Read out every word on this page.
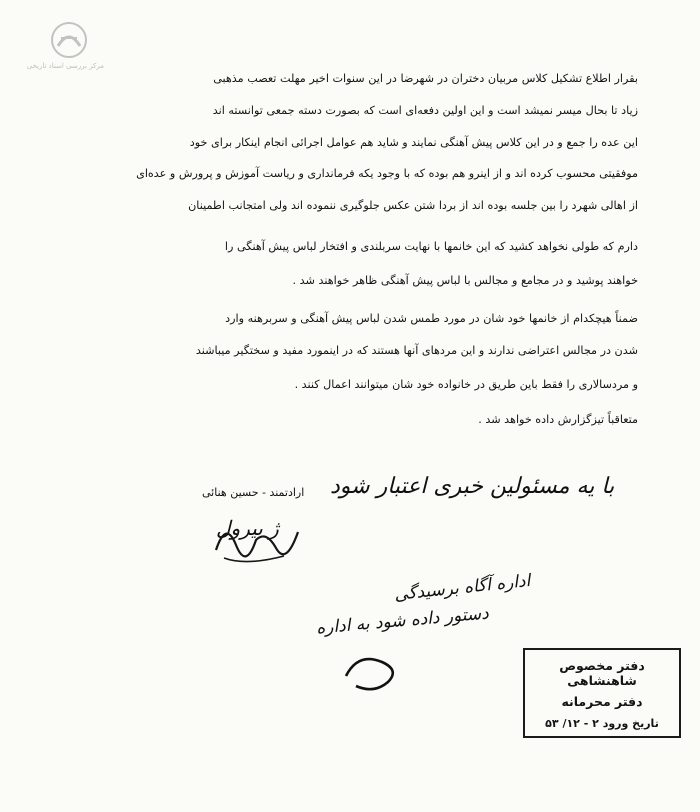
مرکز بررسی اسناد تاریخی
بقرار اطلاع تشکیل کلاس مربیان دختران در شهرضا در این سنوات اخیر مهلت تعصب مذهبی
زیاد تا بحال میسر نمیشد است و این اولین دفعه‌ای است که بصورت دسته جمعی توانسته اند
این عده را جمع و در این کلاس پیش آهنگی نمایند و شاید هم عوامل اجرائی انجام اینکار برای خود
موفقیتی محسوب کرده اند و از اینرو هم بوده که با وجود یکه فرمانداری و ریاست آموزش و پرورش و عده‌ای
از اهالی شهرد را بین جلسه بوده اند از بردا شتن عکس جلوگیری ننموده اند ولی امتجانب اطمینان
دارم که طولی نخواهد کشید که این خانمها با نهایت سربلندی و افتخار لباس پیش آهنگی را
خواهند پوشید و در مجامع و مجالس با لباس پیش آهنگی ظاهر خواهند شد .
ضمناً هیچکدام از خانمها خود شان در مورد طمس شدن لباس پیش آهنگی و سربرهنه وارد
شدن در مجالس اعتراضی ندارند و این مردهای آنها هستند که در اینمورد مفید و سختگیر میباشند
و مردسالاری را فقط باین طریق در خانواده خود شان میتوانند اعمال کنند .
متعاقباً تیزگزارش داده خواهد شد .
با یه مسئولین خبری اعتبار شود
ارادتمند - حسین هنائی
ژ بیرول
اداره آگاه برسیدگی
دستور داده شود به اداره
دفتر مخصوص شاهنشاهی
دفتر محرمانه
تاریخ ورود ۲ - ۱۲/ ۵۳
